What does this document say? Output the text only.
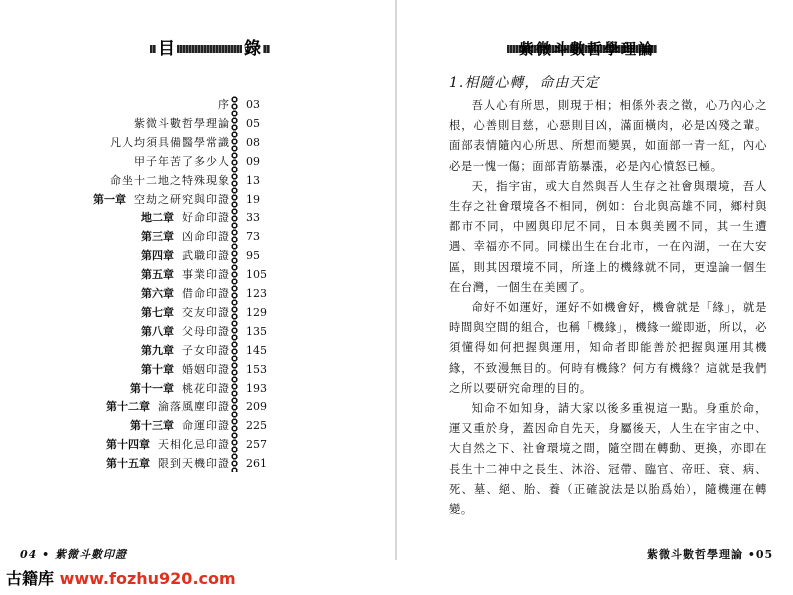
目	錄
序 03
紫微斗數哲學理論 05
凡人均須具備醫學常識 08
甲子年苦了多少人 09
命坐十二地之特殊現象 13
第一章 空劫之研究與印證 19
地二章 好命印證 33
第三章 凶命印證 73
第四章 武職印證 95
第五章 事業印證 105
第六章 借命印證 123
第七章 交友印證 129
第八章 父母印證 135
第九章 子女印證 145
第十章 婚姻印證 153
第十一章 桃花印證 193
第十二章 淪落風塵印證 209
第十三章 命運印證 225
第十四章 天相化忌印證 257
第十五章 限到天機印證 261
04 • 紫微斗數印證
紫微斗數哲學理論
1.相隨心轉，命由天定

吾人心有所思，則現于相；相係外表之徵，心乃內心之根，心善則目慈，心惡則目凶，滿面橫肉，必是凶殘之輩。面部表情隨內心所思、所想而變異，如面部一青一紅，內心必是一愧一傷；面部青筋暴漲，必是內心憤怒已極。

天，指宇宙，或大自然與吾人生存之社會與環境，吾人生存之社會環境各不相同，例如：台北與高雄不同，鄉村與都市不同，中國與印尼不同，日本與美國不同，其一生遭遇、幸福亦不同。同樣出生在台北市，一在內湖，一在大安區，則其因環境不同，所逢上的機緣就不同，更遑論一個生在台灣，一個生在美國了。

命好不如運好，運好不如機會好，機會就是「緣」，就是時間與空間的組合，也稱「機緣」，機緣一縱即逝，所以，必須懂得如何把握與運用，知命者即能善於把握與運用其機緣，不致漫無目的。何時有機緣？何方有機緣？這就是我們之所以要研究命理的目的。

知命不如知身，請大家以後多重視這一點。身重於命，運又重於身，蓋因命自先天，身屬後天，人生在宇宙之中、大自然之下、社會環境之間，隨空間在轉動、更換，亦即在長生十二神中之長生、沐浴、冠帶、臨官、帝旺、衰、病、死、墓、絕、胎、養（正確說法是以胎爲始），隨機運在轉變。

紫微斗數哲學理論 •05
古籍库 www.fozhu920.com
